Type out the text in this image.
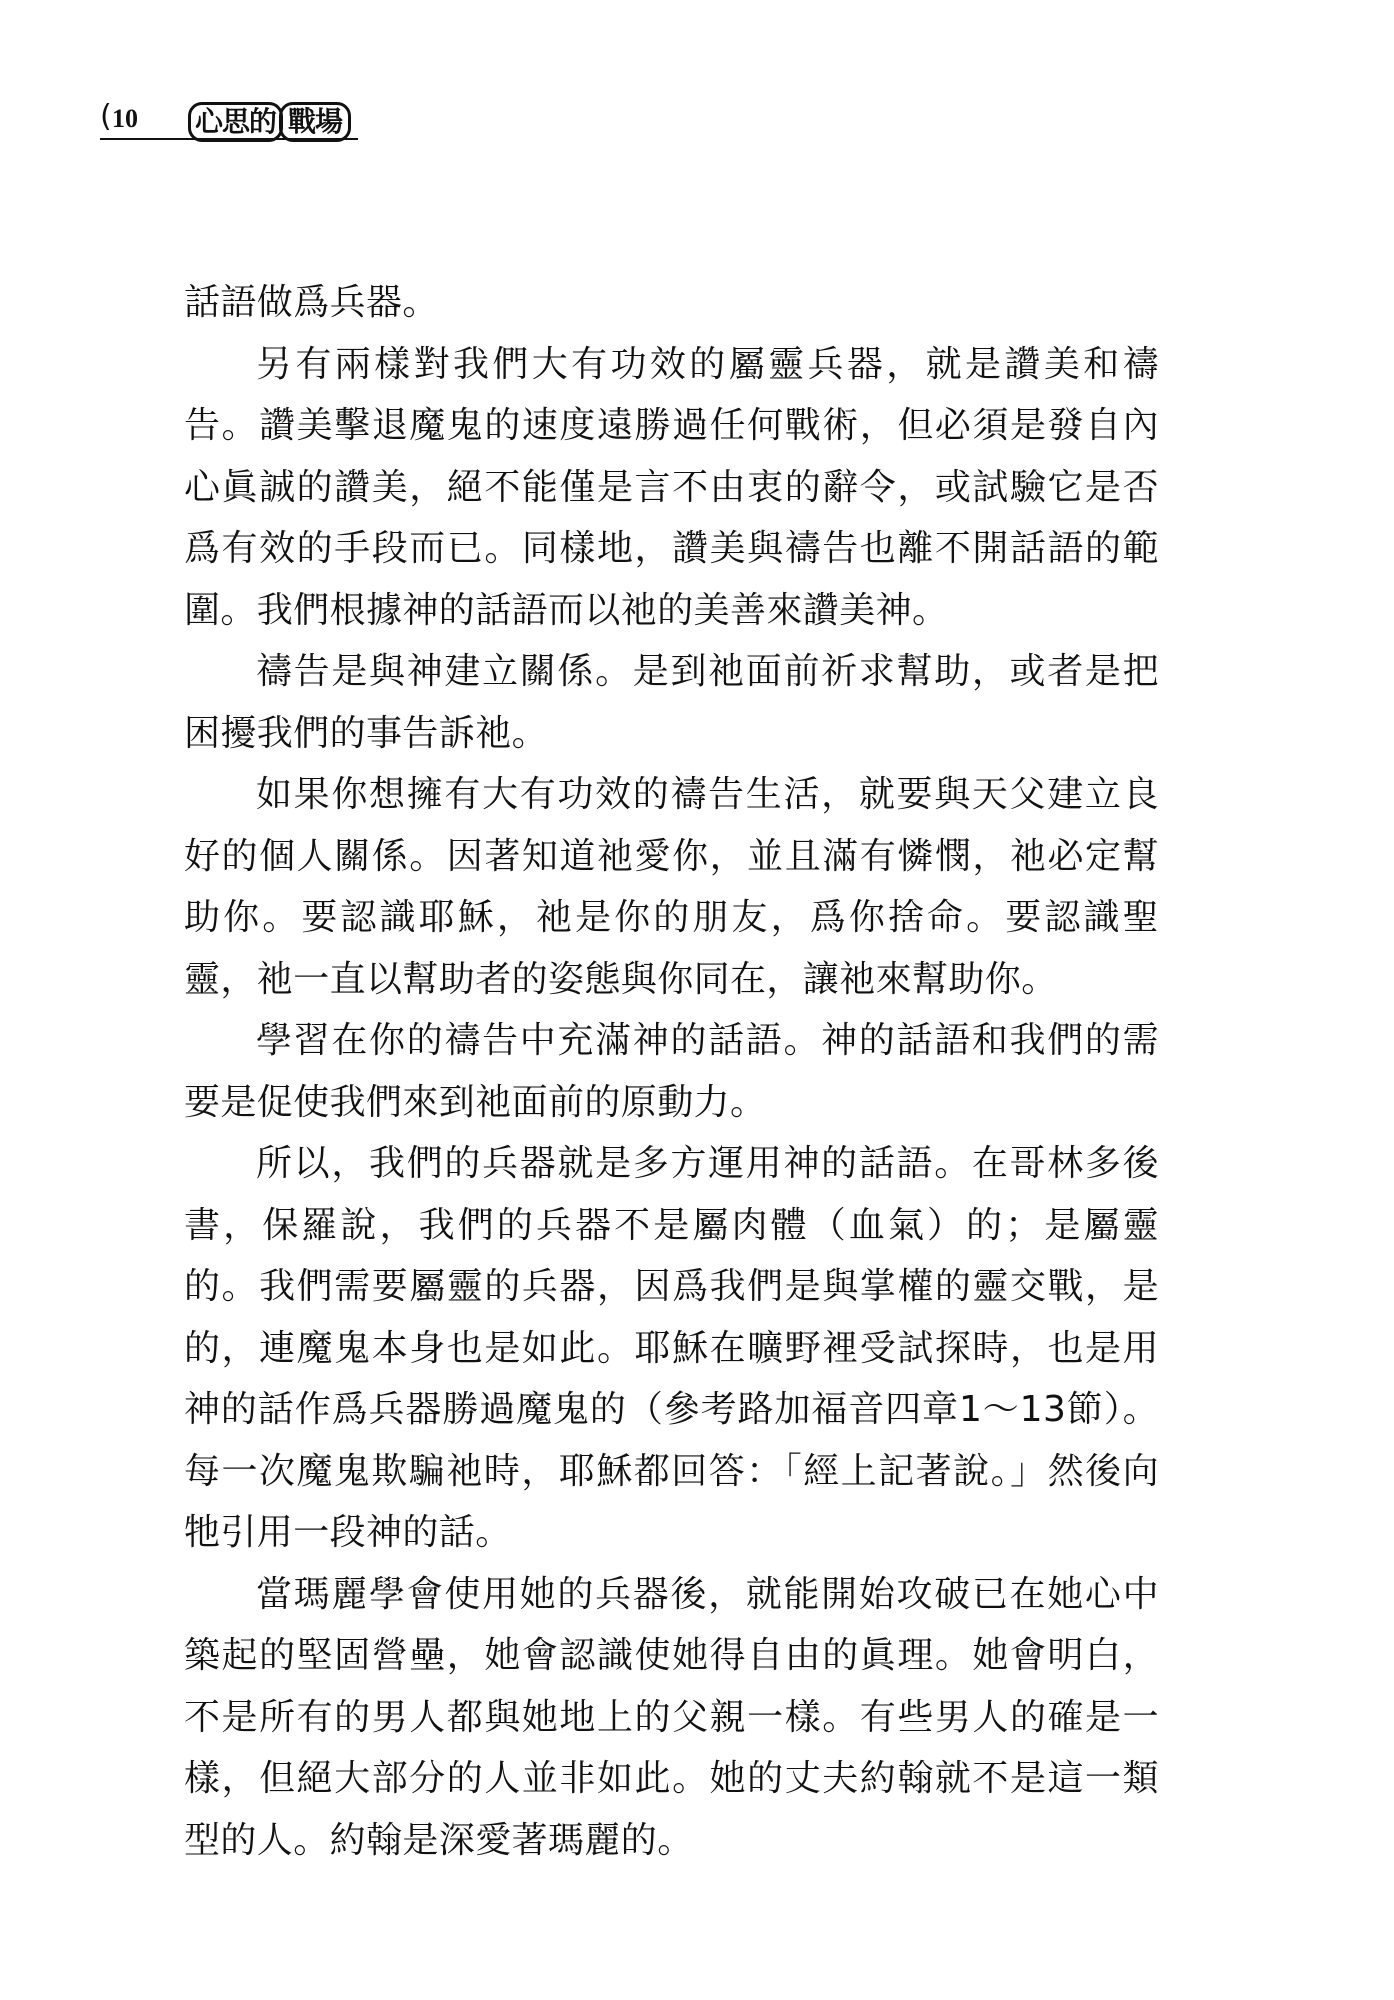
( 10 心思的 戰場

話語做爲兵器。

另有兩樣對我們大有功效的屬靈兵器，就是讚美和禱告。讚美擊退魔鬼的速度遠勝過任何戰術，但必須是發自內心眞誠的讚美，絕不能僅是言不由衷的辭令，或試驗它是否爲有效的手段而已。同樣地，讚美與禱告也離不開話語的範圍。我們根據神的話語而以祂的美善來讚美神。

禱告是與神建立關係。是到祂面前祈求幫助，或者是把困擾我們的事告訴祂。

如果你想擁有大有功效的禱告生活，就要與天父建立良好的個人關係。因著知道祂愛你，並且滿有憐憫，祂必定幫助你。要認識耶穌，祂是你的朋友，爲你捨命。要認識聖靈，祂一直以幫助者的姿態與你同在，讓祂來幫助你。

學習在你的禱告中充滿神的話語。神的話語和我們的需要是促使我們來到祂面前的原動力。

所以，我們的兵器就是多方運用神的話語。在哥林多後書，保羅說，我們的兵器不是屬肉體（血氣）的；是屬靈的。我們需要屬靈的兵器，因爲我們是與掌權的靈交戰，是的，連魔鬼本身也是如此。耶穌在曠野裡受試探時，也是用神的話作爲兵器勝過魔鬼的（參考路加福音四章1～13節）。每一次魔鬼欺騙祂時，耶穌都回答：「經上記著說。」然後向牠引用一段神的話。

當瑪麗學會使用她的兵器後，就能開始攻破已在她心中築起的堅固營壘，她會認識使她得自由的眞理。她會明白，不是所有的男人都與她地上的父親一樣。有些男人的確是一樣，但絕大部分的人並非如此。她的丈夫約翰就不是這一類型的人。約翰是深愛著瑪麗的。
